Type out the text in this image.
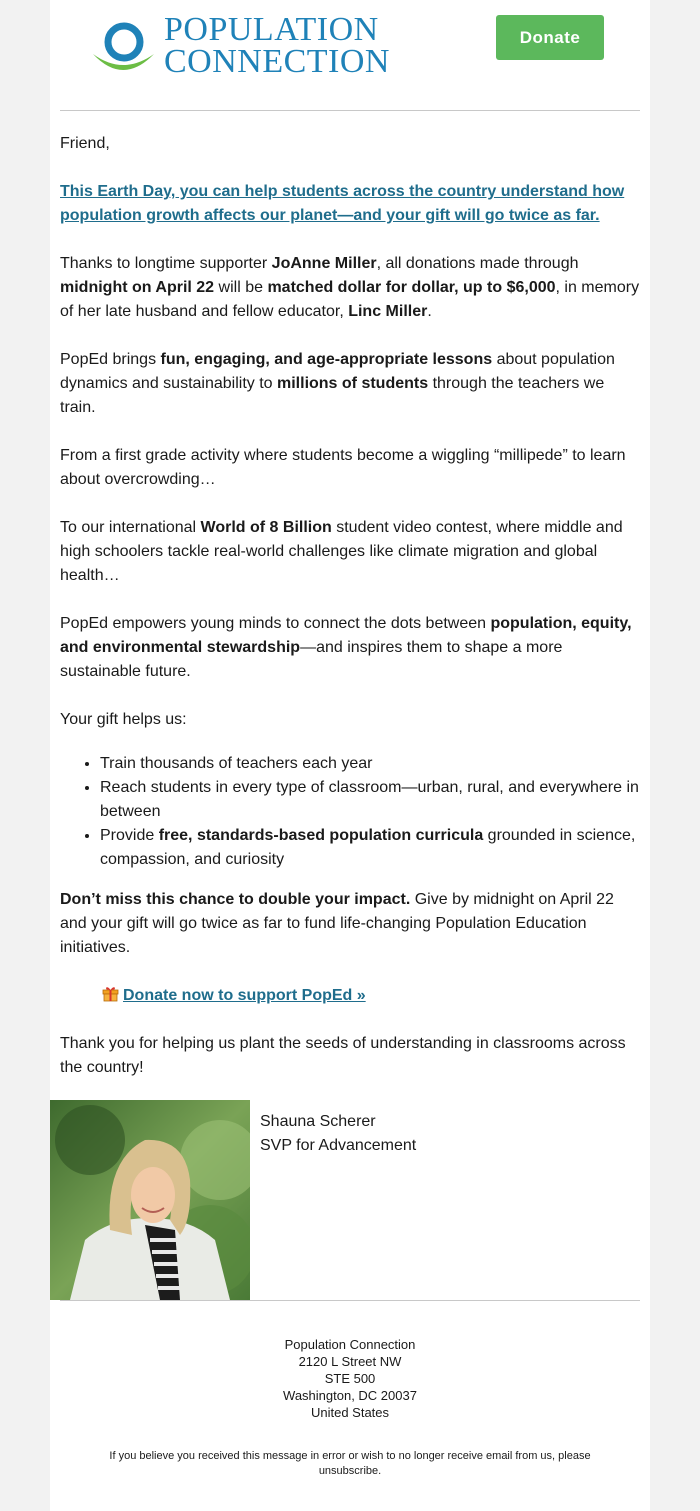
POPULATION
CONNECTION
Donate

Friend,

This Earth Day, you can help students across the country understand how population growth affects our planet—and your gift will go twice as far.

Thanks to longtime supporter JoAnne Miller, all donations made through midnight on April 22 will be matched dollar for dollar, up to $6,000, in memory of her late husband and fellow educator, Linc Miller.

PopEd brings fun, engaging, and age-appropriate lessons about population dynamics and sustainability to millions of students through the teachers we train.

From a first grade activity where students become a wiggling “millipede” to learn about overcrowding…

To our international World of 8 Billion student video contest, where middle and high schoolers tackle real-world challenges like climate migration and global health…

PopEd empowers young minds to connect the dots between population, equity, and environmental stewardship—and inspires them to shape a more sustainable future.

Your gift helps us:

• Train thousands of teachers each year
• Reach students in every type of classroom—urban, rural, and everywhere in between
• Provide free, standards-based population curricula grounded in science, compassion, and curiosity

Don’t miss this chance to double your impact. Give by midnight on April 22 and your gift will go twice as far to fund life-changing Population Education initiatives.

Donate now to support PopEd »

Thank you for helping us plant the seeds of understanding in classrooms across the country!

Shauna Scherer
SVP for Advancement
Population Connection
2120 L Street NW
STE 500
Washington, DC 20037
United States
If you believe you received this message in error or wish to no longer receive email from us, please unsubscribe.
